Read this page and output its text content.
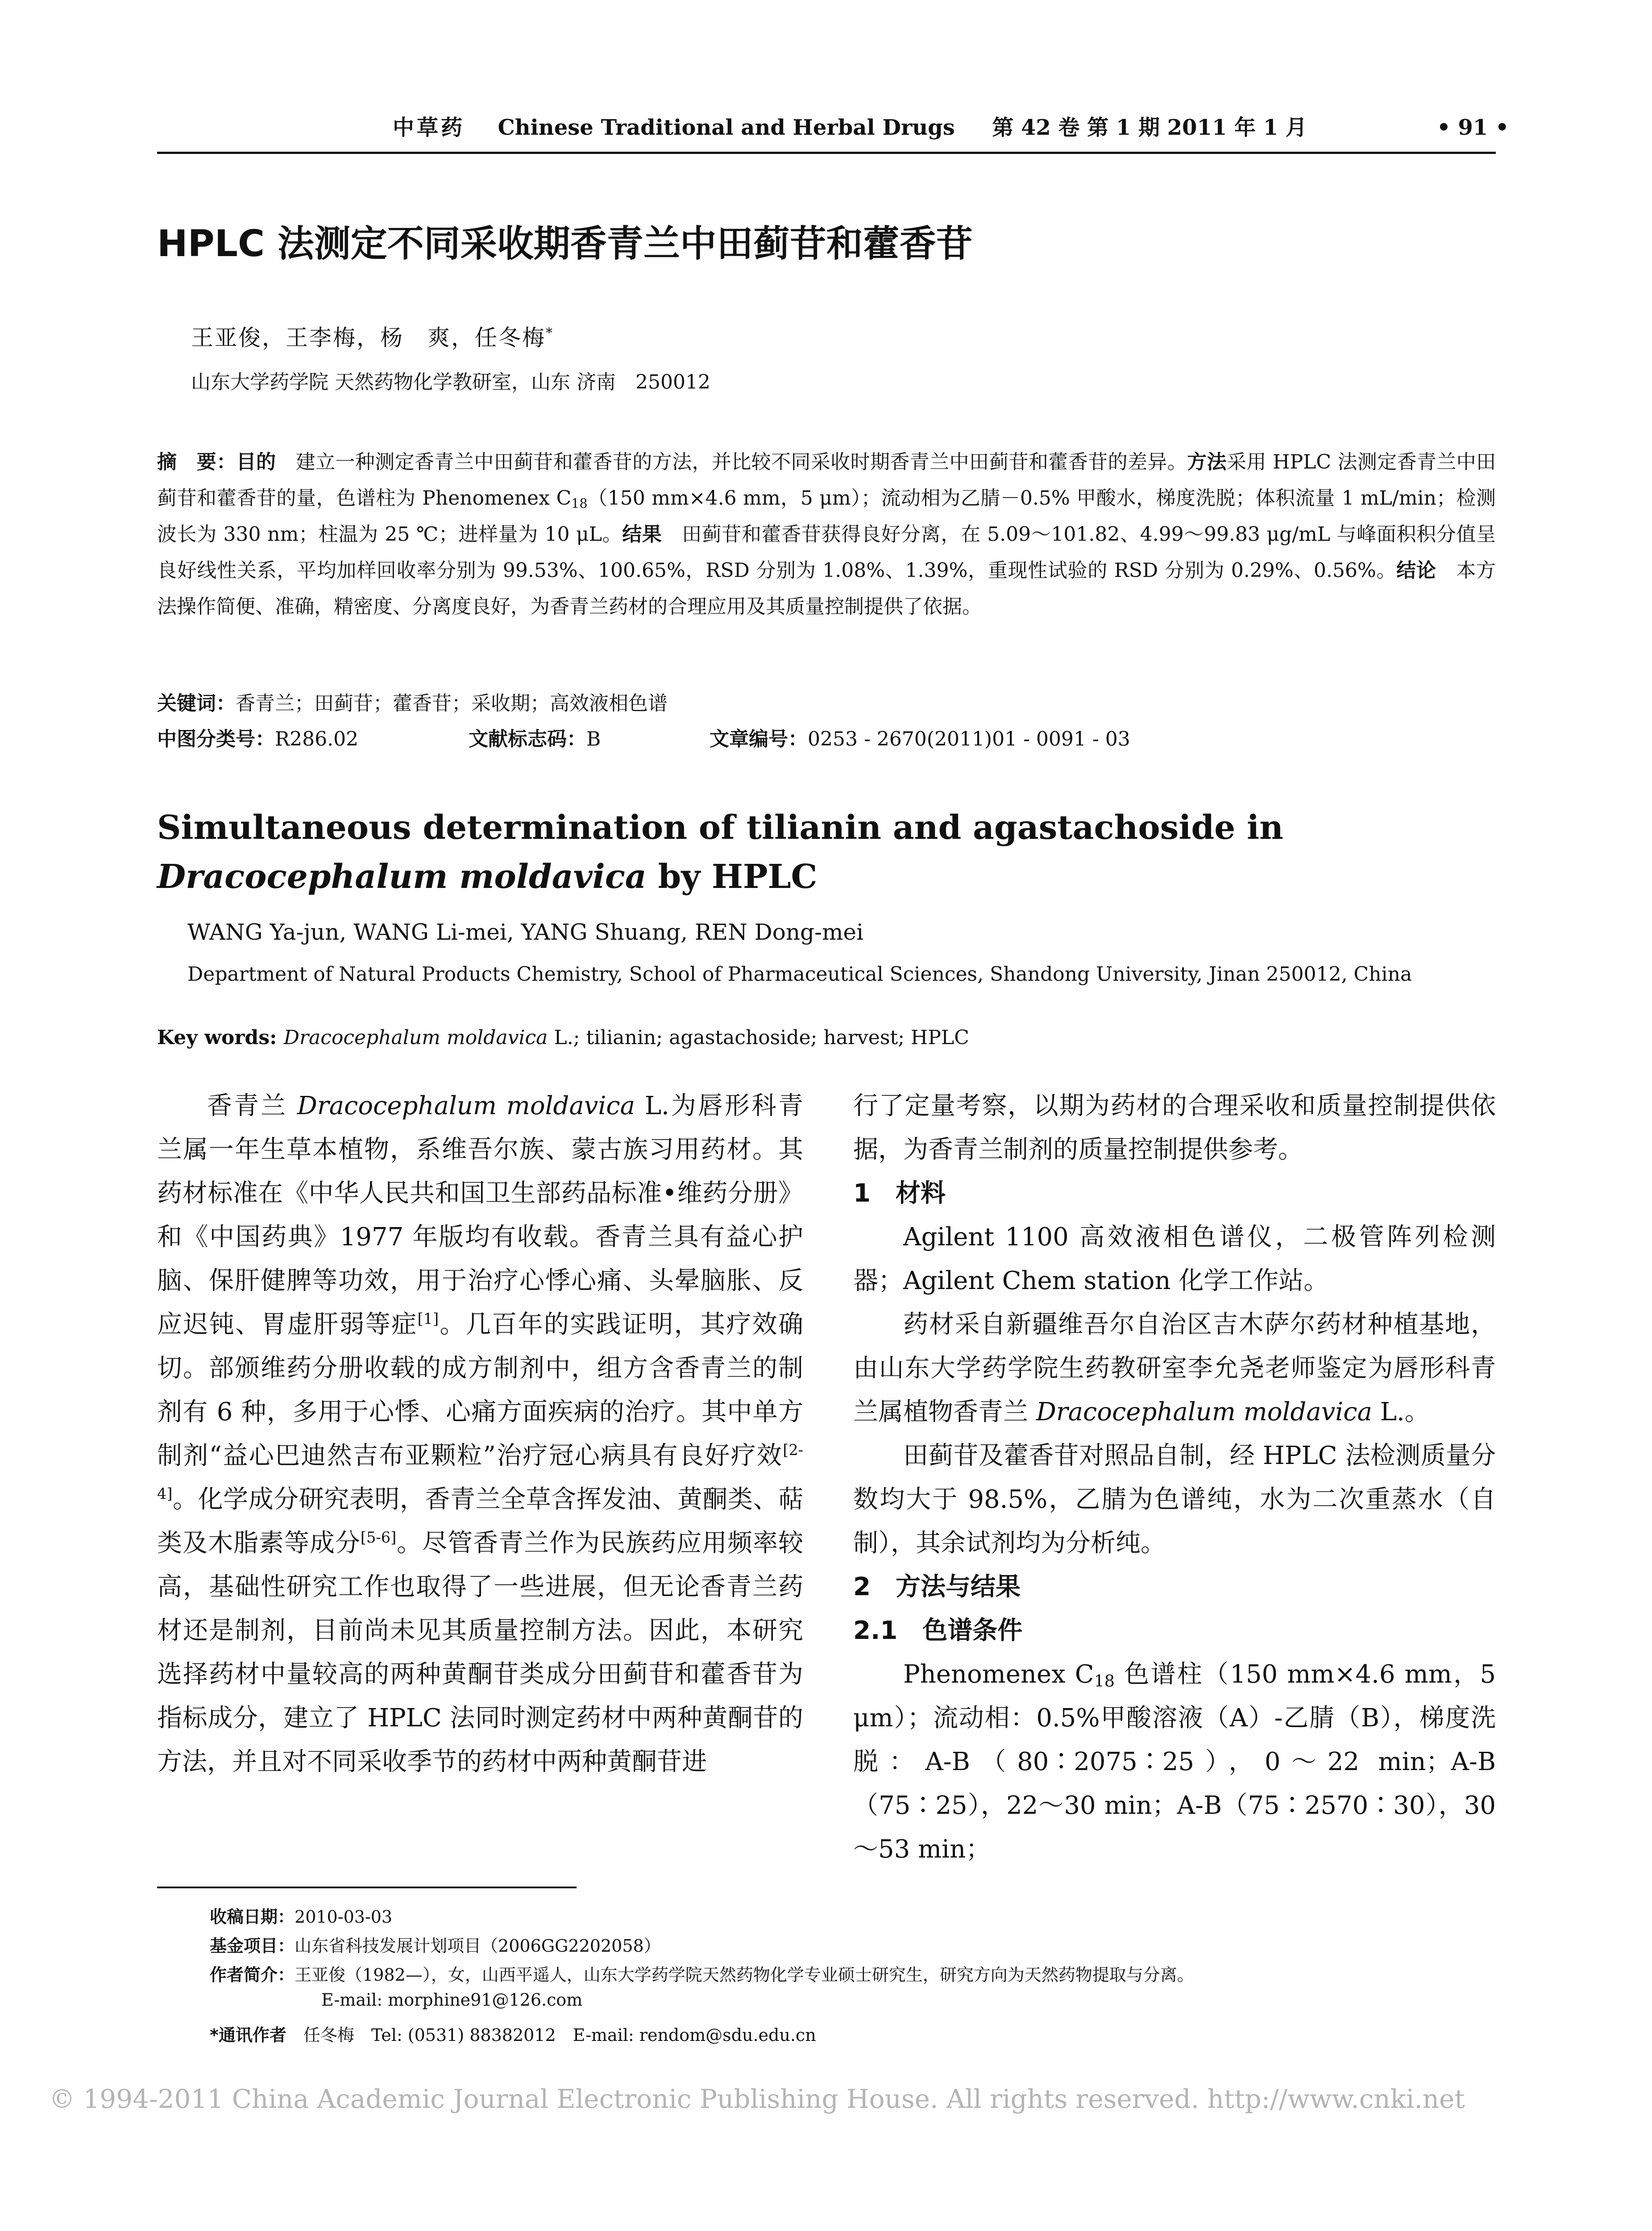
中草药 Chinese Traditional and Herbal Drugs 第 42 卷 第 1 期 2011 年 1 月	• 91 •
HPLC 法测定不同采收期香青兰中田蓟苷和藿香苷
王亚俊，王李梅，杨　爽，任冬梅*
山东大学药学院 天然药物化学教研室，山东 济南　250012
摘　要：目的　建立一种测定香青兰中田蓟苷和藿香苷的方法，并比较不同采收时期香青兰中田蓟苷和藿香苷的差异。方法采用 HPLC 法测定香青兰中田蓟苷和藿香苷的量，色谱柱为 Phenomenex $C_{18}(150$ mm×4.6 mm，5 μm）；流动相为乙腈－0.5% 甲酸水，梯度洗脱；体积流量 1 mL/min；检测波长为 330 nm；柱温为 25 ℃；进样量为 10 μL。结果　田蓟苷和藿香苷获得良好分离，在 5.09～101.82、4.99～99.83 μg/mL 与峰面积积分值呈良好线性关系，平均加样回收率分别为 99.53%、100.65%，RSD 分别为 1.08%、1.39%，重现性试验的 RSD 分别为 0.29%、0.56%。结论　本方法操作简便、准确，精密度、分离度良好，为香青兰药材的合理应用及其质量控制提供了依据。
关键词：香青兰；田蓟苷；藿香苷；采收期；高效液相色谱
中图分类号：R286.02	文献标志码：B	文章编号：0253 - 2670(2011)01 - 0091 - 03
Simultaneous determination of tilianin and agastachoside in Dracocephalum moldavica by HPLC
WANG Ya-jun, WANG Li-mei, YANG Shuang, REN Dong-mei
Department of Natural Products Chemistry, School of Pharmaceutical Sciences, Shandong University, Jinan 250012, China
Key words: Dracocephalum moldavica L.; tilianin; agastachoside; harvest; HPLC

香青兰 Dracocephalum moldavica L.为唇形科青兰属一年生草本植物，系维吾尔族、蒙古族习用药材。其药材标准在《中华人民共和国卫生部药品标准•维药分册》和《中国药典》1977 年版均有收载。香青兰具有益心护脑、保肝健脾等功效，用于治疗心悸心痛、头晕脑胀、反应迟钝、胃虚肝弱等症[1]。几百年的实践证明，其疗效确切。部颁维药分册收载的成方制剂中，组方含香青兰的制剂有 6 种，多用于心悸、心痛方面疾病的治疗。其中单方制剂“益心巴迪然吉布亚颗粒”治疗冠心病具有良好疗效[2-4]。化学成分研究表明，香青兰全草含挥发油、黄酮类、萜类及木脂素等成分[5-6]。尽管香青兰作为民族药应用频率较高，基础性研究工作也取得了一些进展，但无论香青兰药材还是制剂，目前尚未见其质量控制方法。因此，本研究选择药材中量较高的两种黄酮苷类成分田蓟苷和藿香苷为指标成分，建立了 HPLC 法同时测定药材中两种黄酮苷的方法，并且对不同采收季节的药材中两种黄酮苷进

行了定量考察，以期为药材的合理采收和质量控制提供依据，为香青兰制剂的质量控制提供参考。

1　材料

Agilent 1100 高效液相色谱仪，二极管阵列检测器；Agilent Chem station 化学工作站。

药材采自新疆维吾尔自治区吉木萨尔药材种植基地，由山东大学药学院生药教研室李允尧老师鉴定为唇形科青兰属植物香青兰 Dracocephalum moldavica L.。

田蓟苷及藿香苷对照品自制，经 HPLC 法检测质量分数均大于 98.5%，乙腈为色谱纯，水为二次重蒸水（自制），其余试剂均为分析纯。

2　方法与结果

2.1　色谱条件

Phenomenex $C_{18}$ 色谱柱（150 mm×4.6 mm，5 μm）；流动相：0.5%甲酸溶液（A）-乙腈（B），梯度洗脱：A-B（80∶2075∶25），0～22 min；A-B（75∶25），22～30 min；A-B（75∶2570∶30），30～53 min；

收稿日期：2010-03-03
基金项目：山东省科技发展计划项目（2006GG2202058）
作者简介：王亚俊（1982—），女，山西平遥人，山东大学药学院天然药物化学专业硕士研究生，研究方向为天然药物提取与分离。
E-mail: morphine91@126.com
*通讯作者　任冬梅　Tel: (0531) 88382012　E-mail: rendom@sdu.edu.cn
© 1994-2011 China Academic Journal Electronic Publishing House. All rights reserved. http://www.cnki.net
